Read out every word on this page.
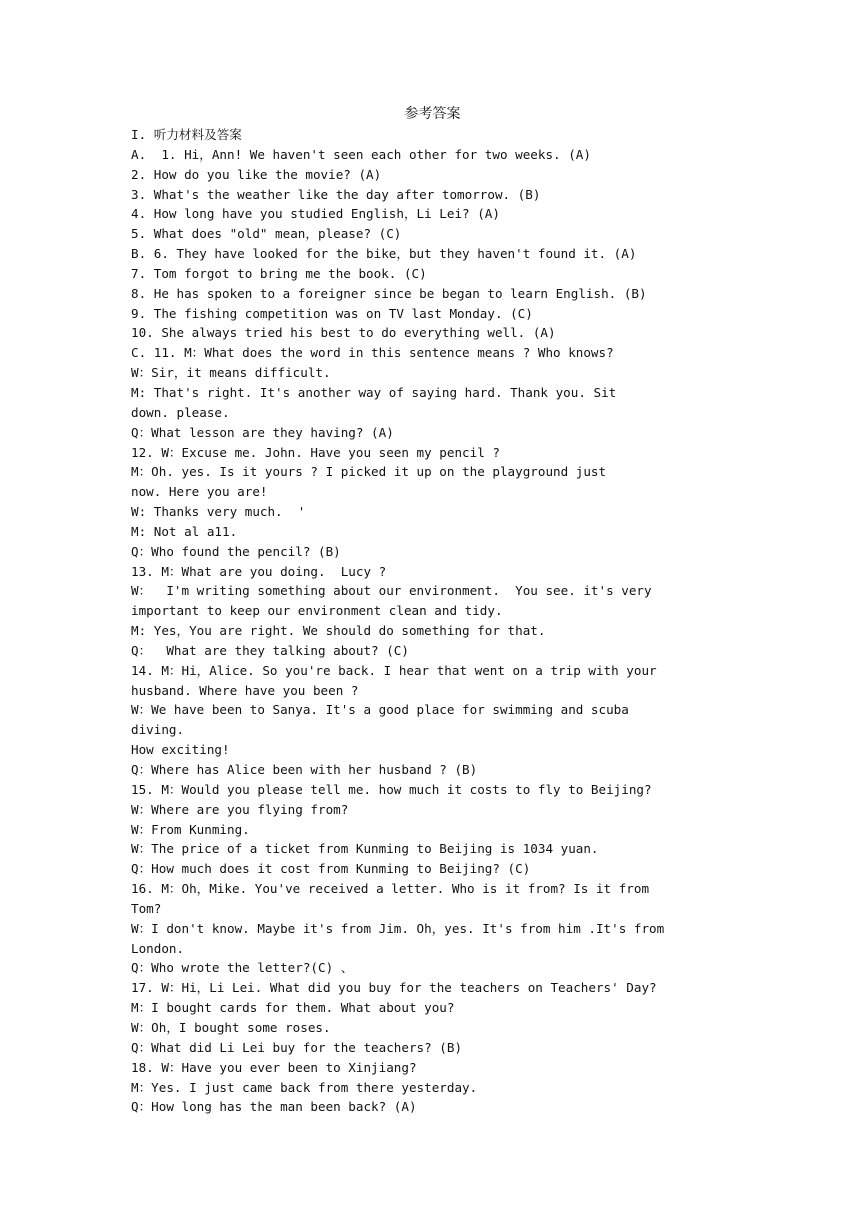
参考答案
I. 听力材料及答案
A.  1. Hi，Ann! We haven't seen each other for two weeks. (A)
2. How do you like the movie? (A)
3. What's the weather like the day after tomorrow. (B)
4. How long have you studied English，Li Lei? (A)
5. What does "old" mean，please? (C)
B. 6. They have looked for the bike，but they haven't found it. (A)
7. Tom forgot to bring me the book. (C)
8. He has spoken to a foreigner since be began to learn English. (B)
9. The fishing competition was on TV last Monday. (C)
10. She always tried his best to do everything well. (A)
C. 11. M：What does the word in this sentence means ? Who knows?
W：Sir，it means difficult.
M: That's right. It's another way of saying hard. Thank you. Sit
down. please.
Q：What lesson are they having? (A)
12. W：Excuse me. John. Have you seen my pencil ?
M：Oh. yes. Is it yours ? I picked it up on the playground just
now. Here you are!
W: Thanks very much.  '
M: Not al a11.
Q：Who found the pencil? (B)
13. M：What are you doing.  Lucy ?
W：  I'm writing something about our environment.  You see. it's very
important to keep our environment clean and tidy.
M: Yes，You are right. We should do something for that.
Q：  What are they talking about? (C)
14. M：Hi，Alice. So you're back. I hear that went on a trip with your
husband. Where have you been ?
W：We have been to Sanya. It's a good place for swimming and scuba
diving.
How exciting!
Q：Where has Alice been with her husband ? (B)
15. M：Would you please tell me. how much it costs to fly to Beijing?
W：Where are you flying from?
W：From Kunming.
W：The price of a ticket from Kunming to Beijing is 1034 yuan.
Q：How much does it cost from Kunming to Beijing? (C)
16. M：Oh，Mike. You've received a letter. Who is it from? Is it from
Tom?
W：I don't know. Maybe it's from Jim. Oh，yes. It's from him .It's from
London.
Q：Who wrote the letter?(C) 、
17. W：Hi，Li Lei. What did you buy for the teachers on Teachers' Day?
M：I bought cards for them. What about you?
W：Oh，I bought some roses.
Q：What did Li Lei buy for the teachers? (B)
18. W：Have you ever been to Xinjiang?
M：Yes. I just came back from there yesterday.
Q：How long has the man been back? (A)
